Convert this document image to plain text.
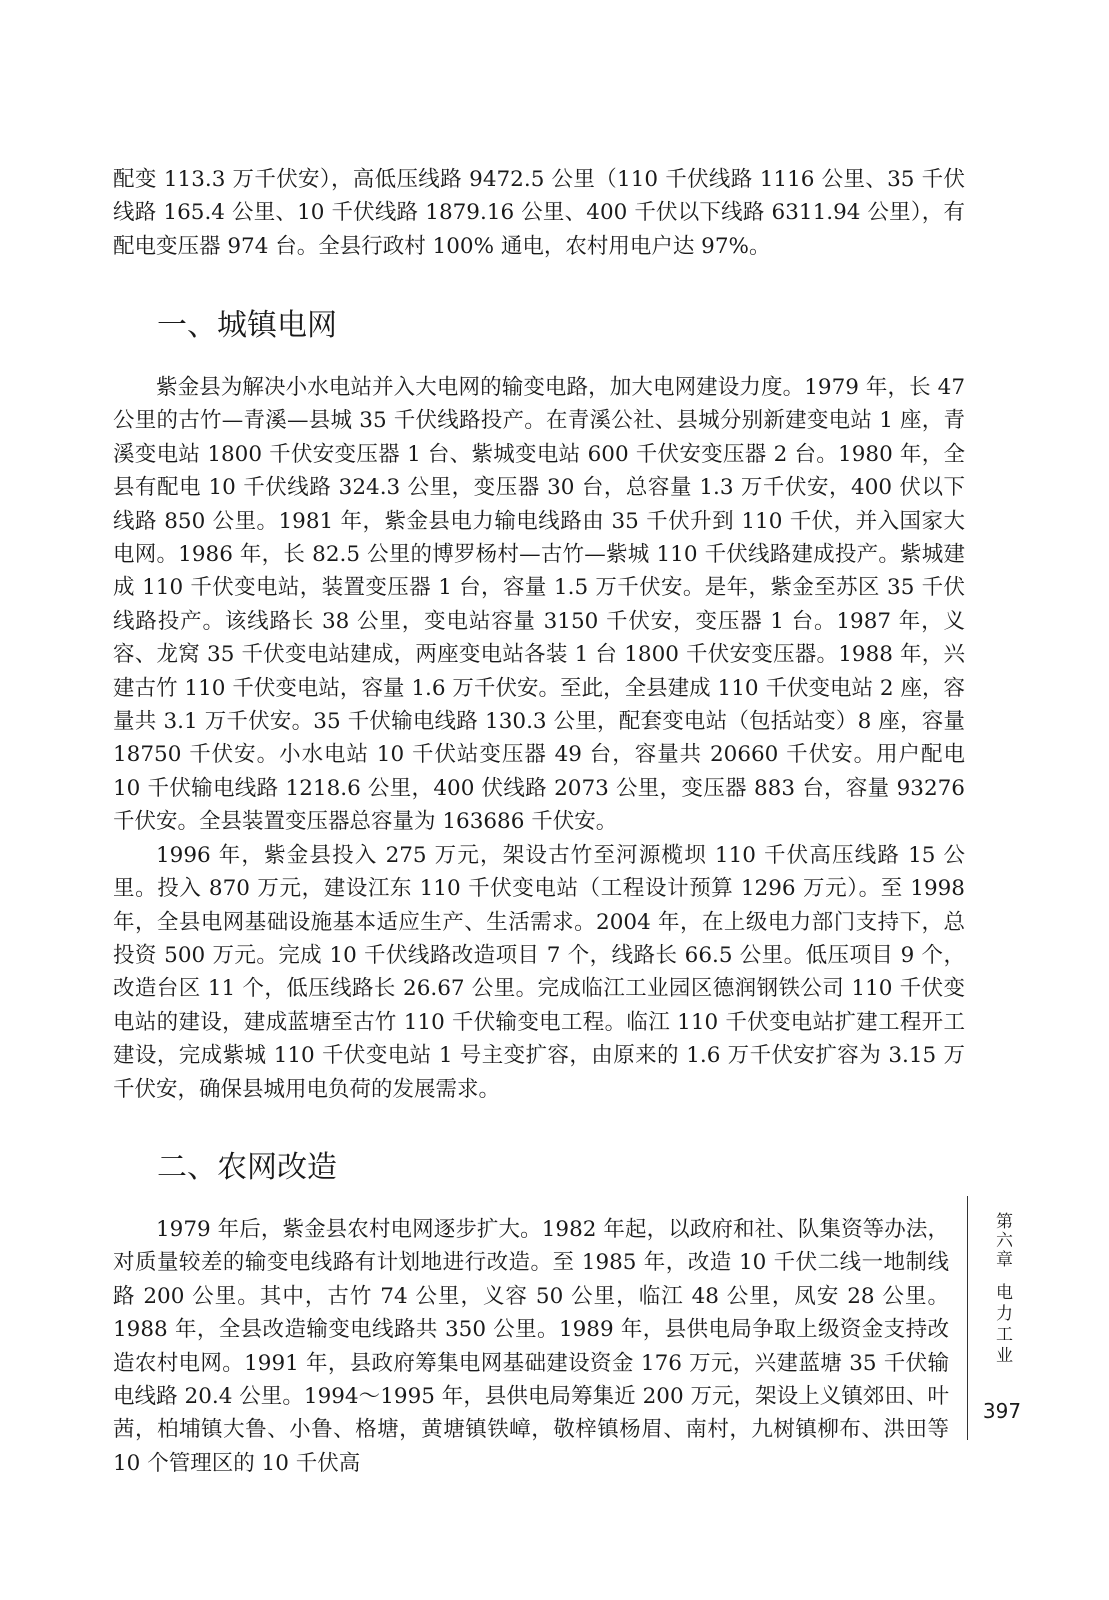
配变 113.3 万千伏安），高低压线路 9472.5 公里（110 千伏线路 1116 公里、35 千伏线路 165.4 公里、10 千伏线路 1879.16 公里、400 千伏以下线路 6311.94 公里），有配电变压器 974 台。全县行政村 100% 通电，农村用电户达 97%。

一、城镇电网

紫金县为解决小水电站并入大电网的输变电路，加大电网建设力度。1979 年，长 47 公里的古竹—青溪—县城 35 千伏线路投产。在青溪公社、县城分别新建变电站 1 座，青溪变电站 1800 千伏安变压器 1 台、紫城变电站 600 千伏安变压器 2 台。1980 年，全县有配电 10 千伏线路 324.3 公里，变压器 30 台，总容量 1.3 万千伏安，400 伏以下线路 850 公里。1981 年，紫金县电力输电线路由 35 千伏升到 110 千伏，并入国家大电网。1986 年，长 82.5 公里的博罗杨村—古竹—紫城 110 千伏线路建成投产。紫城建成 110 千伏变电站，装置变压器 1 台，容量 1.5 万千伏安。是年，紫金至苏区 35 千伏线路投产。该线路长 38 公里，变电站容量 3150 千伏安，变压器 1 台。1987 年，义容、龙窝 35 千伏变电站建成，两座变电站各装 1 台 1800 千伏安变压器。1988 年，兴建古竹 110 千伏变电站，容量 1.6 万千伏安。至此，全县建成 110 千伏变电站 2 座，容量共 3.1 万千伏安。35 千伏输电线路 130.3 公里，配套变电站（包括站变）8 座，容量 18750 千伏安。小水电站 10 千伏站变压器 49 台，容量共 20660 千伏安。用户配电 10 千伏输电线路 1218.6 公里，400 伏线路 2073 公里，变压器 883 台，容量 93276 千伏安。全县装置变压器总容量为 163686 千伏安。

1996 年，紫金县投入 275 万元，架设古竹至河源榄坝 110 千伏高压线路 15 公里。投入 870 万元，建设江东 110 千伏变电站（工程设计预算 1296 万元）。至 1998 年，全县电网基础设施基本适应生产、生活需求。2004 年，在上级电力部门支持下，总投资 500 万元。完成 10 千伏线路改造项目 7 个，线路长 66.5 公里。低压项目 9 个，改造台区 11 个，低压线路长 26.67 公里。完成临江工业园区德润钢铁公司 110 千伏变电站的建设，建成蓝塘至古竹 110 千伏输变电工程。临江 110 千伏变电站扩建工程开工建设，完成紫城 110 千伏变电站 1 号主变扩容，由原来的 1.6 万千伏安扩容为 3.15 万千伏安，确保县城用电负荷的发展需求。

二、农网改造

1979 年后，紫金县农村电网逐步扩大。1982 年起，以政府和社、队集资等办法，对质量较差的输变电线路有计划地进行改造。至 1985 年，改造 10 千伏二线一地制线路 200 公里。其中，古竹 74 公里，义容 50 公里，临江 48 公里，凤安 28 公里。1988 年，全县改造输变电线路共 350 公里。1989 年，县供电局争取上级资金支持改造农村电网。1991 年，县政府筹集电网基础建设资金 176 万元，兴建蓝塘 35 千伏输电线路 20.4 公里。1994～1995 年，县供电局筹集近 200 万元，架设上义镇郊田、叶茜，柏埔镇大鲁、小鲁、格塘，黄塘镇铁嶂，敬梓镇杨眉、南村，九树镇柳布、洪田等 10 个管理区的 10 千伏高

第六章
电力工业
397
